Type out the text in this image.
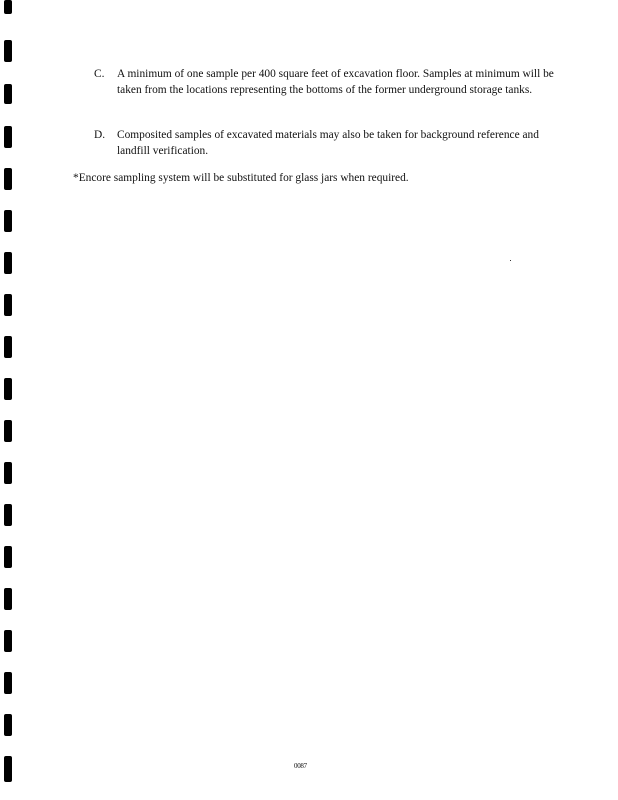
C.	A minimum of one sample per 400 square feet of excavation floor. Samples at minimum will be taken from the locations representing the bottoms of the former underground storage tanks.
D.	Composited samples of excavated materials may also be taken for background reference and landfill verification.
*Encore sampling system will be substituted for glass jars when required.
0087
